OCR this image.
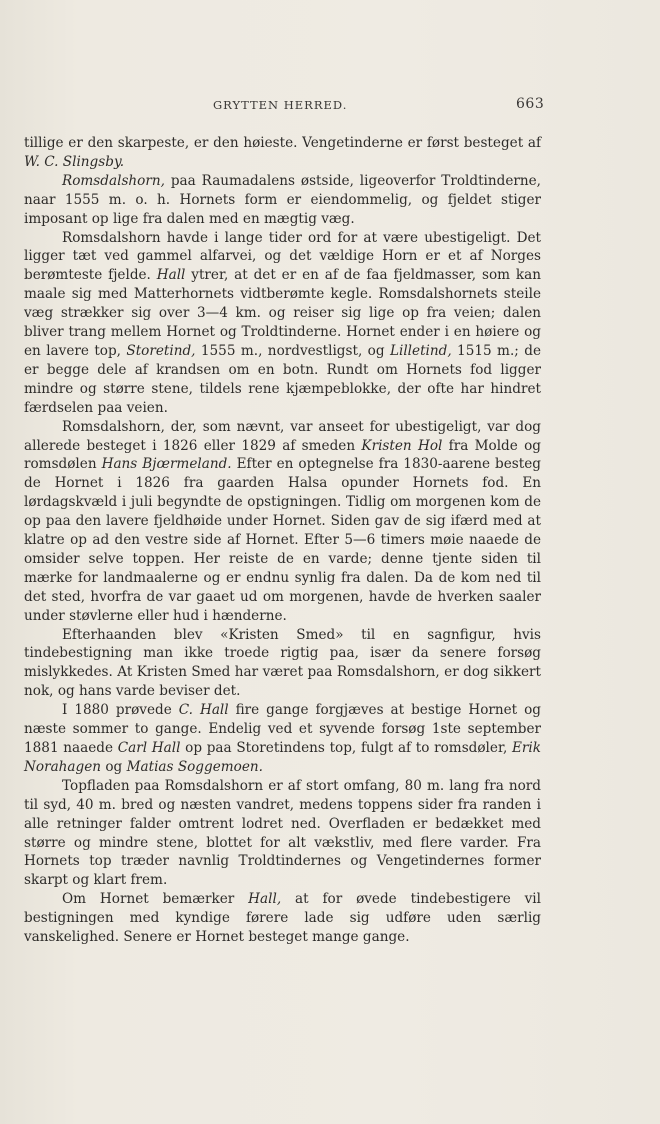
GRYTTEN HERRED.	663

tillige er den skarpeste, er den høieste. Vengetinderne er først besteget af W. C. Slingsby.

Romsdalshorn, paa Raumadalens østside, ligeoverfor Troldtinderne, naar 1555 m. o. h. Hornets form er eiendommelig, og fjeldet stiger imposant op lige fra dalen med en mægtig væg.

Romsdalshorn havde i lange tider ord for at være ubestigeligt. Det ligger tæt ved gammel alfarvei, og det vældige Horn er et af Norges berømteste fjelde. Hall ytrer, at det er en af de faa fjeldmasser, som kan maale sig med Matterhornets vidtberømte kegle. Romsdalshornets steile væg strækker sig over 3—4 km. og reiser sig lige op fra veien; dalen bliver trang mellem Hornet og Troldtinderne. Hornet ender i en høiere og en lavere top, Storetind, 1555 m., nordvestligst, og Lilletind, 1515 m.; de er begge dele af krandsen om en botn. Rundt om Hornets fod ligger mindre og større stene, tildels rene kjæmpeblokke, der ofte har hindret færdselen paa veien.

Romsdalshorn, der, som nævnt, var anseet for ubestigeligt, var dog allerede besteget i 1826 eller 1829 af smeden Kristen Hol fra Molde og romsdølen Hans Bjœrmeland. Efter en optegnelse fra 1830-aarene besteg de Hornet i 1826 fra gaarden Halsa opunder Hornets fod. En lørdagskvæld i juli begyndte de opstigningen. Tidlig om morgenen kom de op paa den lavere fjeldhøide under Hornet. Siden gav de sig ifærd med at klatre op ad den vestre side af Hornet. Efter 5—6 timers møie naaede de omsider selve toppen. Her reiste de en varde; denne tjente siden til mærke for landmaalerne og er endnu synlig fra dalen. Da de kom ned til det sted, hvorfra de var gaaet ud om morgenen, havde de hverken saaler under støvlerne eller hud i hænderne.

Efterhaanden blev «Kristen Smed» til en sagnfigur, hvis tindebestigning man ikke troede rigtig paa, især da senere forsøg mislykkedes. At Kristen Smed har været paa Romsdalshorn, er dog sikkert nok, og hans varde beviser det.

I 1880 prøvede C. Hall fire gange forgjæves at bestige Hornet og næste sommer to gange. Endelig ved et syvende forsøg 1ste september 1881 naaede Carl Hall op paa Storetindens top, fulgt af to romsdøler, Erik Norahagen og Matias Soggemoen.

Topfladen paa Romsdalshorn er af stort omfang, 80 m. lang fra nord til syd, 40 m. bred og næsten vandret, medens toppens sider fra randen i alle retninger falder omtrent lodret ned. Overfladen er bedækket med større og mindre stene, blottet for alt vækstliv, med flere varder. Fra Hornets top træder navnlig Troldtindernes og Vengetindernes former skarpt og klart frem.

Om Hornet bemærker Hall, at for øvede tindebestigere vil bestigningen med kyndige førere lade sig udføre uden særlig vanskelighed. Senere er Hornet besteget mange gange.
